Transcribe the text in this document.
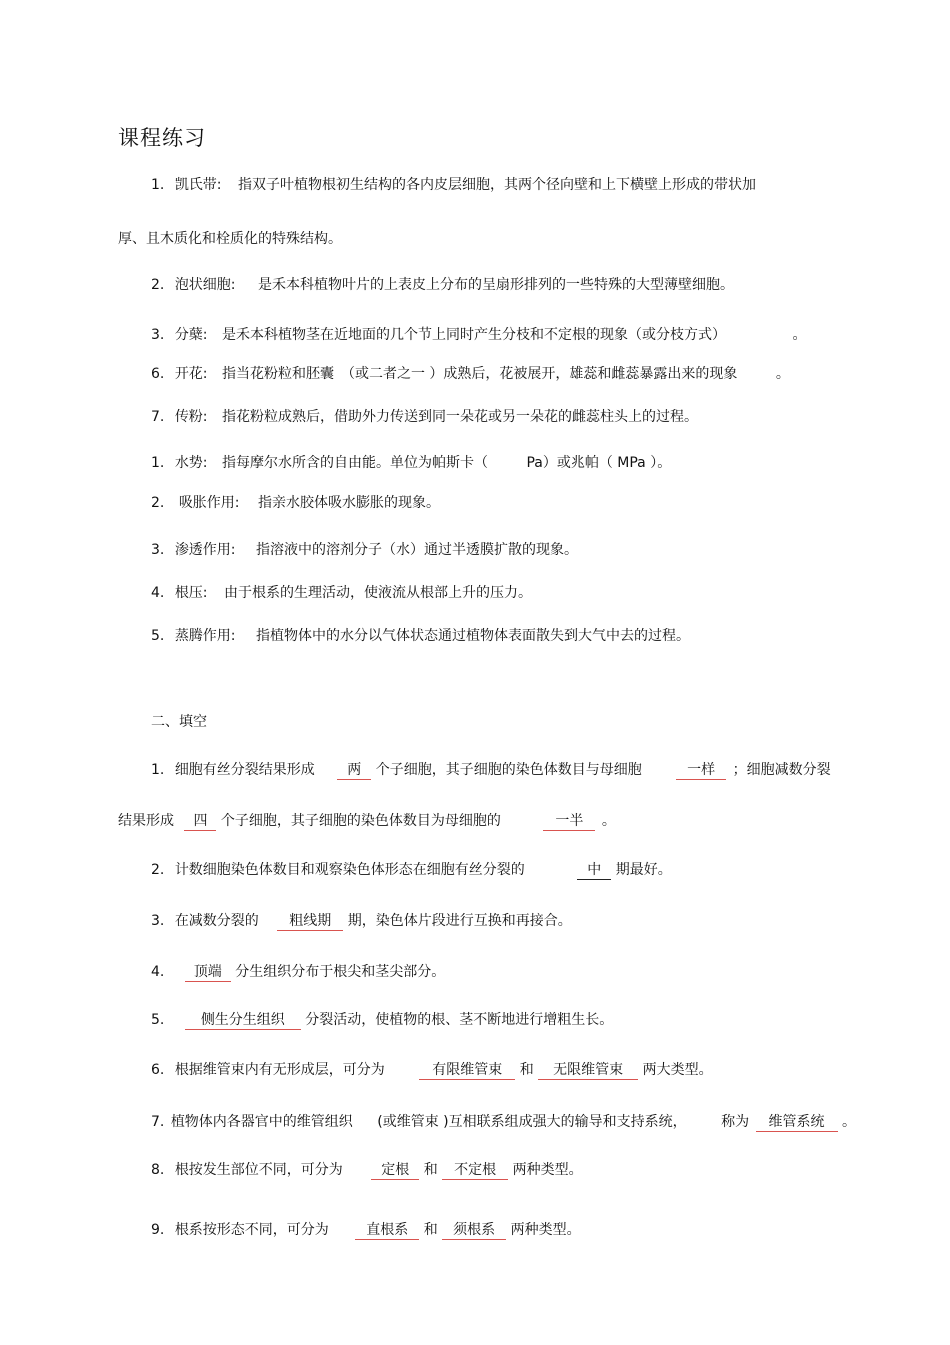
课程练习
1. 凯氏带: 指双子叶植物根初生结构的各内皮层细胞，其两个径向壁和上下横壁上形成的带状加
厚、且木质化和栓质化的特殊结构。
2. 泡状细胞: 是禾本科植物叶片的上表皮上分布的呈扇形排列的一些特殊的大型薄壁细胞。
3. 分蘖: 是禾本科植物茎在近地面的几个节上同时产生分枝和不定根的现象（或分枝方式）	。
6. 开花: 指当花粉粒和胚囊　（或二者之一 ）成熟后，花被展开，雄蕊和雌蕊暴露出来的现象	。
7. 传粉: 指花粉粒成熟后，借助外力传送到同一朵花或另一朵花的雌蕊柱头上的过程。
1. 水势: 指每摩尔水所含的自由能。单位为帕斯卡（	Pa）或兆帕（ MPa ）。
2. 吸胀作用: 指亲水胶体吸水膨胀的现象。
3. 渗透作用: 指溶液中的溶剂分子（水）通过半透膜扩散的现象。
4. 根压: 由于根系的生理活动，使液流从根部上升的压力。
5. 蒸腾作用: 指植物体中的水分以气体状态通过植物体表面散失到大气中去的过程。
二、填空
1. 细胞有丝分裂结果形成 两 个子细胞，其子细胞的染色体数目与母细胞	一样 ；细胞减数分裂
结果形成 四 个子细胞，其子细胞的染色体数目为母细胞的	一半 。
2. 计数细胞染色体数目和观察染色体形态在细胞有丝分裂的	中 期最好。
3. 在减数分裂的 粗线期 期，染色体片段进行互换和再接合。
4. 顶端 分生组织分布于根尖和茎尖部分。
5.	侧生分生组织 分裂活动，使植物的根、茎不断地进行增粗生长。
6. 根据维管束内有无形成层，可分为	有限维管束 和 无限维管束 两大类型。
7. 植物体内各器官中的维管组织 (或维管束 )互相联系组成强大的输导和支持系统， 称为 维管系统 。
8. 根按发生部位不同，可分为	定根 和 不定根 两种类型。
9. 根系按形态不同，可分为	直根系 和 须根系 两种类型。
